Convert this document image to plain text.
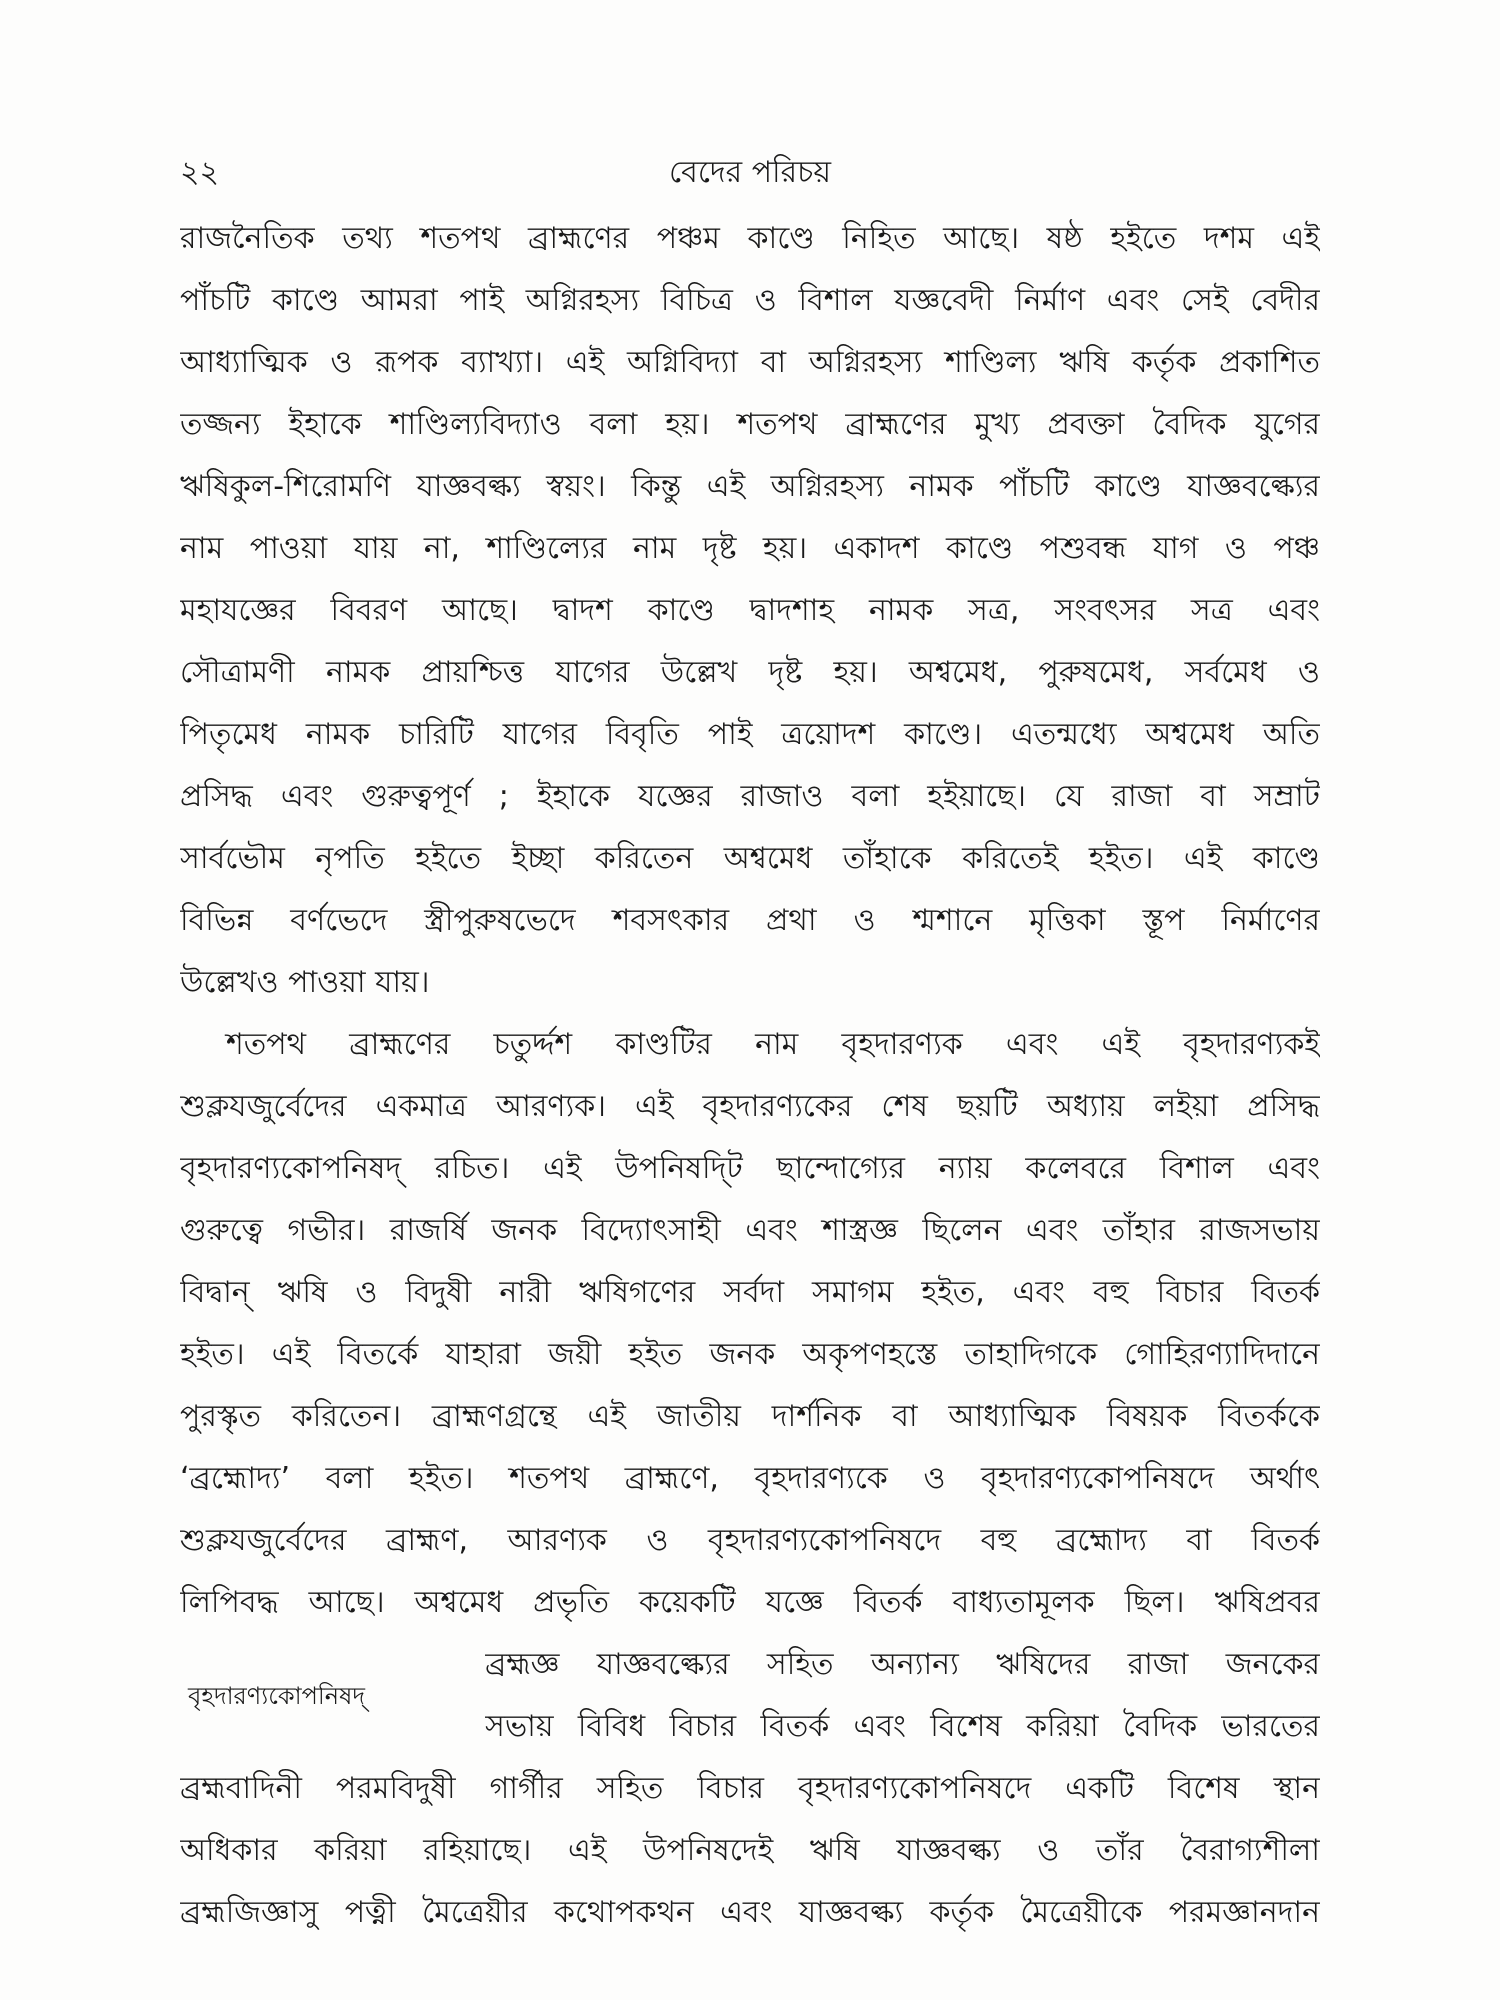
২২	বেদের পরিচয়
রাজনৈতিক তথ্য শতপথ ব্রাহ্মণের পঞ্চম কাণ্ডে নিহিত আছে। ষষ্ঠ হইতে দশম এই
পাঁচটি কাণ্ডে আমরা পাই অগ্নিরহস্য বিচিত্র ও বিশাল যজ্ঞবেদী নির্মাণ এবং সেই বেদীর
আধ্যাত্মিক ও রূপক ব্যাখ্যা। এই অগ্নিবিদ্যা বা অগ্নিরহস্য শাণ্ডিল্য ঋষি কর্তৃক প্রকাশিত
তজ্জন্য ইহাকে শাণ্ডিল্যবিদ্যাও বলা হয়। শতপথ ব্রাহ্মণের মুখ্য প্রবক্তা বৈদিক যুগের
ঋষিকুল-শিরোমণি যাজ্ঞবল্ক্য স্বয়ং। কিন্তু এই অগ্নিরহস্য নামক পাঁচটি কাণ্ডে যাজ্ঞবল্ক্যের
নাম পাওয়া যায় না, শাণ্ডিল্যের নাম দৃষ্ট হয়। একাদশ কাণ্ডে পশুবন্ধ যাগ ও পঞ্চ
মহাযজ্ঞের বিবরণ আছে। দ্বাদশ কাণ্ডে দ্বাদশাহ নামক সত্র, সংবৎসর সত্র এবং
সৌত্রামণী নামক প্রায়শ্চিত্ত যাগের উল্লেখ দৃষ্ট হয়। অশ্বমেধ, পুরুষমেধ, সর্বমেধ ও
পিতৃমেধ নামক চারিটি যাগের বিবৃতি পাই ত্রয়োদশ কাণ্ডে। এতন্মধ্যে অশ্বমেধ অতি
প্রসিদ্ধ এবং গুরুত্বপূর্ণ ; ইহাকে যজ্ঞের রাজাও বলা হইয়াছে। যে রাজা বা সম্রাট
সার্বভৌম নৃপতি হইতে ইচ্ছা করিতেন অশ্বমেধ তাঁহাকে করিতেই হইত। এই কাণ্ডে
বিভিন্ন বর্ণভেদে স্ত্রীপুরুষভেদে শবসৎকার প্রথা ও শ্মশানে মৃত্তিকা স্তূপ নির্মাণের
উল্লেখও পাওয়া যায়।
শতপথ ব্রাহ্মণের চতুর্দ্দশ কাণ্ডটির নাম বৃহদারণ্যক এবং এই বৃহদারণ্যকই
শুক্লযজুর্বেদের একমাত্র আরণ্যক। এই বৃহদারণ্যকের শেষ ছয়টি অধ্যায় লইয়া প্রসিদ্ধ
বৃহদারণ্যকোপনিষদ্ রচিত। এই উপনিষদ্টি ছান্দোগ্যের ন্যায় কলেবরে বিশাল এবং
গুরুত্বে গভীর। রাজর্ষি জনক বিদ্যোৎসাহী এবং শাস্ত্রজ্ঞ ছিলেন এবং তাঁহার রাজসভায়
বিদ্বান্ ঋষি ও বিদুষী নারী ঋষিগণের সর্বদা সমাগম হইত, এবং বহু বিচার বিতর্ক
হইত। এই বিতর্কে যাহারা জয়ী হইত জনক অকৃপণহস্তে তাহাদিগকে গোহিরণ্যাদিদানে
পুরস্কৃত করিতেন। ব্রাহ্মণগ্রন্থে এই জাতীয় দার্শনিক বা আধ্যাত্মিক বিষয়ক বিতর্ককে
‘ব্রহ্মোদ্য’ বলা হইত। শতপথ ব্রাহ্মণে, বৃহদারণ্যকে ও বৃহদারণ্যকোপনিষদে অর্থাৎ
শুক্লযজুর্বেদের ব্রাহ্মণ, আরণ্যক ও বৃহদারণ্যকোপনিষদে বহু ব্রহ্মোদ্য বা বিতর্ক
লিপিবদ্ধ আছে। অশ্বমেধ প্রভৃতি কয়েকটি যজ্ঞে বিতর্ক বাধ্যতামূলক ছিল। ঋষিপ্রবর
বৃহদারণ্যকোপনিষদ্
ব্রহ্মজ্ঞ যাজ্ঞবল্ক্যের সহিত অন্যান্য ঋষিদের রাজা জনকের
সভায় বিবিধ বিচার বিতর্ক এবং বিশেষ করিয়া বৈদিক ভারতের
ব্রহ্মবাদিনী পরমবিদুষী গার্গীর সহিত বিচার বৃহদারণ্যকোপনিষদে একটি বিশেষ স্থান
অধিকার করিয়া রহিয়াছে। এই উপনিষদেই ঋষি যাজ্ঞবল্ক্য ও তাঁর বৈরাগ্যশীলা
ব্রহ্মজিজ্ঞাসু পত্নী মৈত্রেয়ীর কথোপকথন এবং যাজ্ঞবল্ক্য কর্তৃক মৈত্রেয়ীকে পরমজ্ঞানদান
